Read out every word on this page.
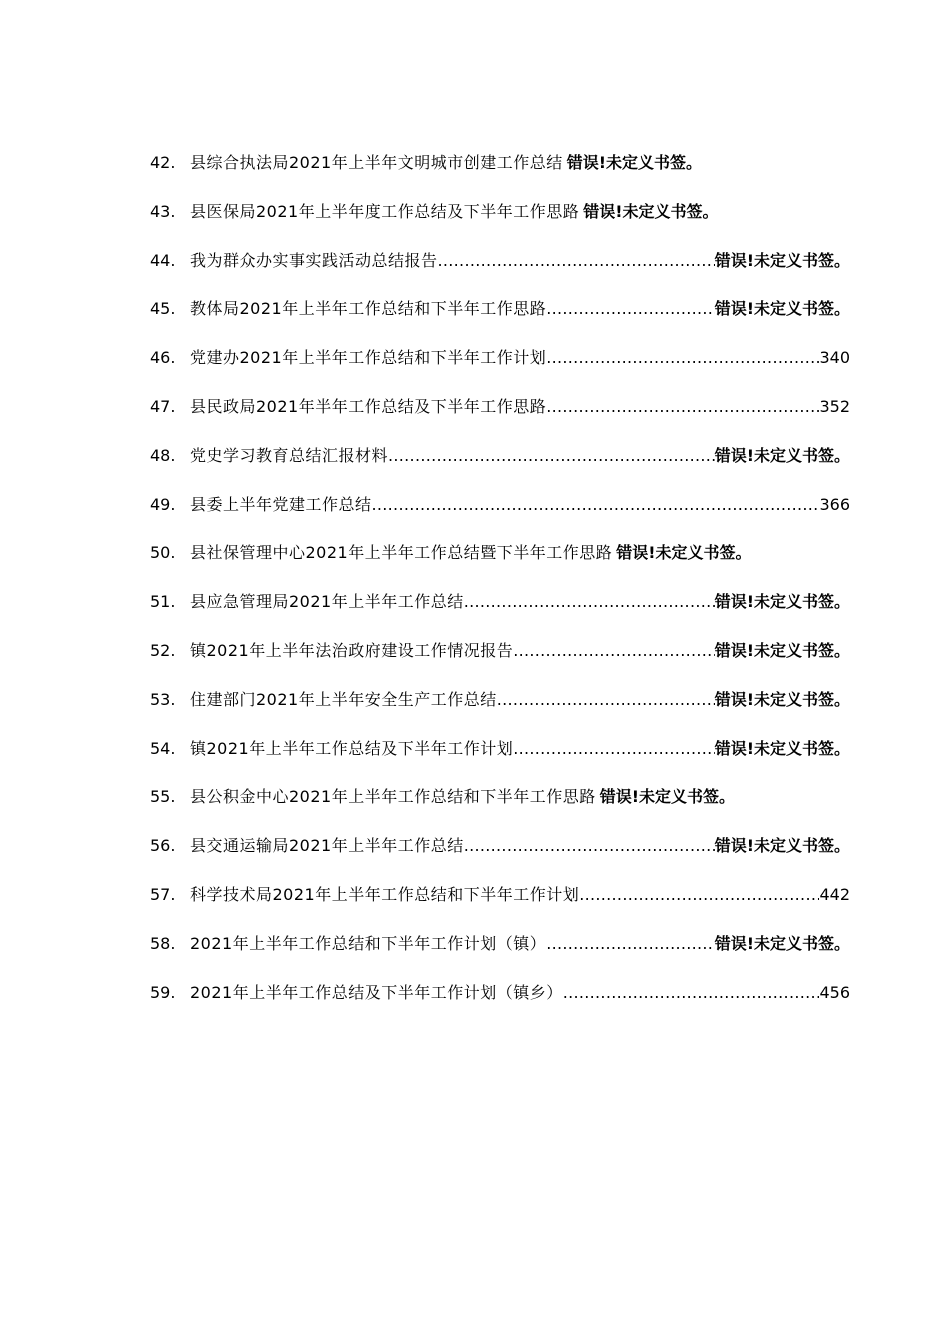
42. 县综合执法局2021年上半年文明城市创建工作总结 错误!未定义书签。
43. 县医保局2021年上半年度工作总结及下半年工作思路 错误!未定义书签。
44. 我为群众办实事实践活动总结报告 .....	错误!未定义书签。
45. 教体局2021年上半年工作总结和下半年工作思路 .....	错误!未定义书签。
46. 党建办2021年上半年工作总结和下半年工作计划 .....	340
47. 县民政局2021年半年工作总结及下半年工作思路 .....	352
48. 党史学习教育总结汇报材料 .....	错误!未定义书签。
49. 县委上半年党建工作总结 .....	366
50. 县社保管理中心2021年上半年工作总结暨下半年工作思路 错误!未定义书签。
51. 县应急管理局2021年上半年工作总结 .....	错误!未定义书签。
52. 镇2021年上半年法治政府建设工作情况报告 .....	错误!未定义书签。
53. 住建部门2021年上半年安全生产工作总结 .....	错误!未定义书签。
54. 镇2021年上半年工作总结及下半年工作计划 .....	错误!未定义书签。
55. 县公积金中心2021年上半年工作总结和下半年工作思路 错误!未定义书签。
56. 县交通运输局2021年上半年工作总结 .....	错误!未定义书签。
57. 科学技术局2021年上半年工作总结和下半年工作计划 .....	442
58. 2021年上半年工作总结和下半年工作计划（镇） .....	错误!未定义书签。
59. 2021年上半年工作总结及下半年工作计划（镇乡） .....	456
